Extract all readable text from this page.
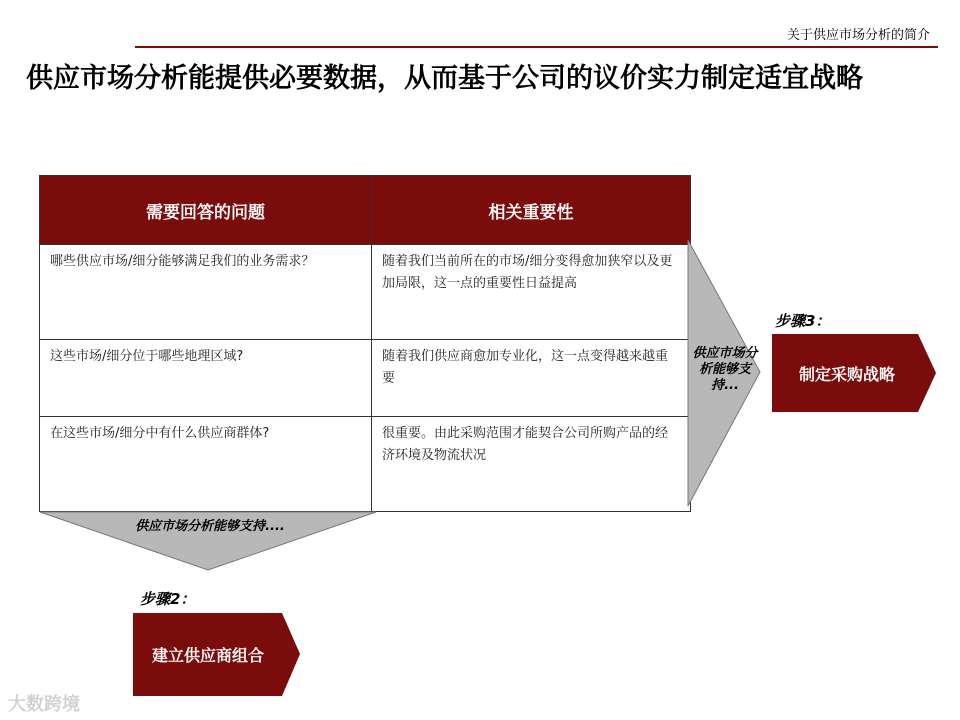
关于供应市场分析的简介
供应市场分析能提供必要数据，从而基于公司的议价实力制定适宜战略
需要回答的问题	相关重要性
哪些供应市场/细分能够满足我们的业务需求？	随着我们当前所在的市场/细分变得愈加狭窄以及更加局限，这一点的重要性日益提高
这些市场/细分位于哪些地理区域?	随着我们供应商愈加专业化，这一点变得越来越重要
在这些市场/细分中有什么供应商群体?	很重要。由此采购范围才能契合公司所购产品的经济环境及物流状况
供应市场分析能够支持...
供应市场分析能够支持....
步骤3：
制定采购战略
步骤2：
建立供应商组合
大数跨境
